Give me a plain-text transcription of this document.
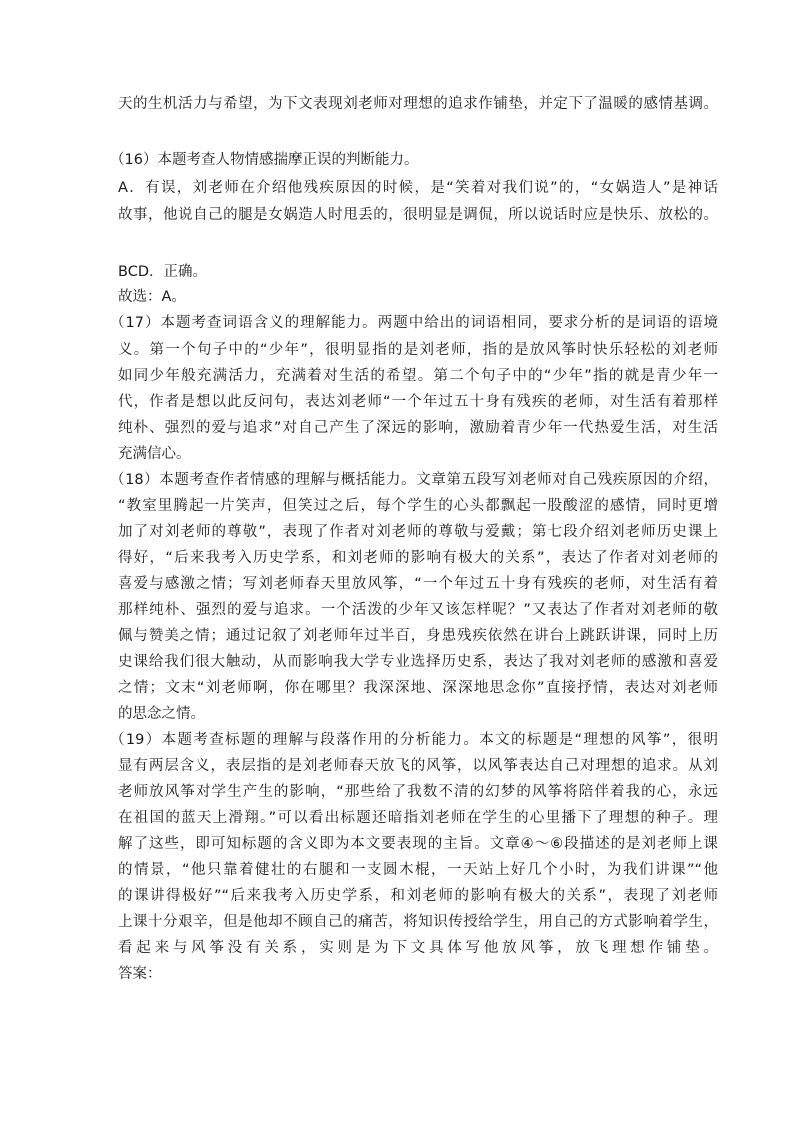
天的生机活力与希望，为下文表现刘老师对理想的追求作铺垫，并定下了温暖的感情基调。
（16）本题考查人物情感揣摩正误的判断能力。
A．有误，刘老师在介绍他残疾原因的时候，是“笑着对我们说”的，“女娲造人”是神话
故事，他说自己的腿是女娲造人时甩丢的，很明显是调侃，所以说话时应是快乐、放松的。
BCD．正确。
故选：A。
（17）本题考查词语含义的理解能力。两题中给出的词语相同，要求分析的是词语的语境
义。第一个句子中的“少年”，很明显指的是刘老师，指的是放风筝时快乐轻松的刘老师
如同少年般充满活力，充满着对生活的希望。第二个句子中的“少年”指的就是青少年一
代，作者是想以此反问句，表达刘老师“一个年过五十身有残疾的老师，对生活有着那样
纯朴、强烈的爱与追求”对自己产生了深远的影响，激励着青少年一代热爱生活，对生活
充满信心。
（18）本题考查作者情感的理解与概括能力。文章第五段写刘老师对自己残疾原因的介绍，
“教室里腾起一片笑声，但笑过之后，每个学生的心头都飘起一股酸涩的感情，同时更增
加了对刘老师的尊敬”，表现了作者对刘老师的尊敬与爱戴；第七段介绍刘老师历史课上
得好，“后来我考入历史学系，和刘老师的影响有极大的关系”，表达了作者对刘老师的
喜爱与感激之情；写刘老师春天里放风筝，“一个年过五十身有残疾的老师，对生活有着
那样纯朴、强烈的爱与追求。一个活泼的少年又该怎样呢？”又表达了作者对刘老师的敬
佩与赞美之情；通过记叙了刘老师年过半百，身患残疾依然在讲台上跳跃讲课，同时上历
史课给我们很大触动，从而影响我大学专业选择历史系，表达了我对刘老师的感激和喜爱
之情；文末“刘老师啊，你在哪里？我深深地、深深地思念你”直接抒情，表达对刘老师
的思念之情。
（19）本题考查标题的理解与段落作用的分析能力。本文的标题是“理想的风筝”，很明
显有两层含义，表层指的是刘老师春天放飞的风筝，以风筝表达自己对理想的追求。从刘
老师放风筝对学生产生的影响，“那些给了我数不清的幻梦的风筝将陪伴着我的心，永远
在祖国的蓝天上滑翔。”可以看出标题还暗指刘老师在学生的心里播下了理想的种子。理
解了这些，即可知标题的含义即为本文要表现的主旨。文章④～⑥段描述的是刘老师上课
的情景，“他只靠着健壮的右腿和一支圆木棍，一天站上好几个小时，为我们讲课”“他
的课讲得极好”“后来我考入历史学系，和刘老师的影响有极大的关系”，表现了刘老师
上课十分艰辛，但是他却不顾自己的痛苦，将知识传授给学生，用自己的方式影响着学生，
看起来与风筝没有关系，实则是为下文具体写他放风筝，放飞理想作铺垫。
答案：
